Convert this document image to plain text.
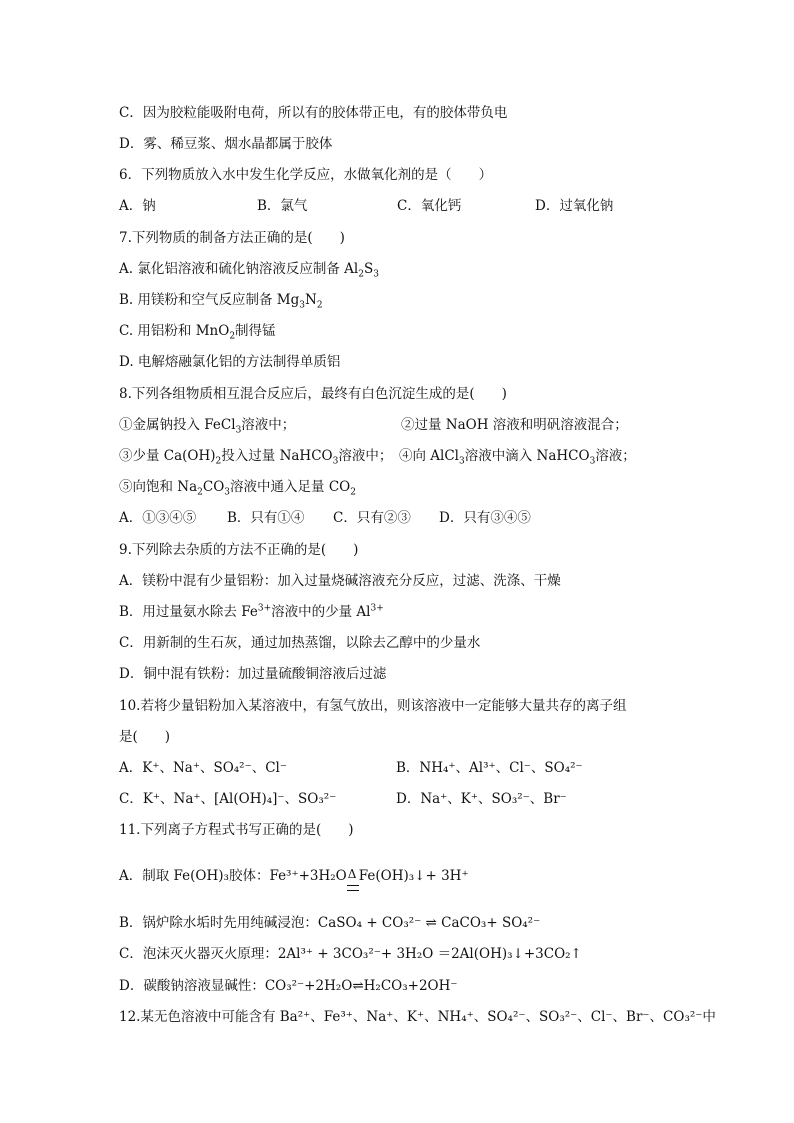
C．因为胶粒能吸附电荷，所以有的胶体带正电，有的胶体带负电
D．雾、稀豆浆、烟水晶都属于胶体
6．下列物质放入水中发生化学反应，水做氧化剂的是（　　）
A．钠	B．氯气	C．氧化钙	D．过氧化钠
7.下列物质的制备方法正确的是(　　)
A. 氯化铝溶液和硫化钠溶液反应制备 $Al_2S_3$
B. 用镁粉和空气反应制备 $Mg_3N_2$
C. 用铝粉和 MnO$_2$制得锰
D. 电解熔融氯化铝的方法制得单质铝
8.下列各组物质相互混合反应后，最终有白色沉淀生成的是(　　)
①金属钠投入 FeCl$_3$溶液中；	②过量 NaOH 溶液和明矾溶液混合；
③少量 $Ca(OH)_2$投入过量 NaHCO$_3$溶液中； ④向 AlCl$_3$溶液中滴入 NaHCO$_3$溶液；
⑤向饱和 $Na_2CO_3$溶液中通入足量 $CO_2$
A．①③④⑤ B．只有①④ C．只有②③ D．只有③④⑤
9.下列除去杂质的方法不正确的是(　　)
A．镁粉中混有少量铝粉：加入过量烧碱溶液充分反应，过滤、洗涤、干燥
B．用过量氨水除去 $Fe^{3+}$溶液中的少量 $Al^{3+}$
C．用新制的生石灰，通过加热蒸馏，以除去乙醇中的少量水
D．铜中混有铁粉：加过量硫酸铜溶液后过滤
10.若将少量铝粉加入某溶液中，有氢气放出，则该溶液中一定能够大量共存的离子组
是(　　)
A．K⁺、Na⁺、SO₄²⁻、Cl⁻	B．NH₄⁺、Al³⁺、Cl⁻、SO₄²⁻
C．K⁺、Na⁺、[Al(OH)₄]⁻、SO₃²⁻	D．Na⁺、K⁺、SO₃²⁻、Br⁻
11.下列离子方程式书写正确的是(　　)
A．制取 Fe(OH)₃胶体：Fe³⁺+3H₂O Δ Fe(OH)₃↓+ 3H⁺
B．锅炉除水垢时先用纯碱浸泡：CaSO₄ + CO₃²⁻ ⇌ CaCO₃+ SO₄²⁻
C．泡沫灭火器灭火原理：2Al³⁺ + 3CO₃²⁻+ 3H₂O ＝2Al(OH)₃↓+3CO₂↑
D．碳酸钠溶液显碱性：CO₃²⁻+2H₂O⇌H₂CO₃+2OH⁻
12.某无色溶液中可能含有 Ba²⁺、Fe³⁺、Na⁺、K⁺、NH₄⁺、SO₄²⁻、SO₃²⁻、Cl⁻、Br⁻、CO₃²⁻中
